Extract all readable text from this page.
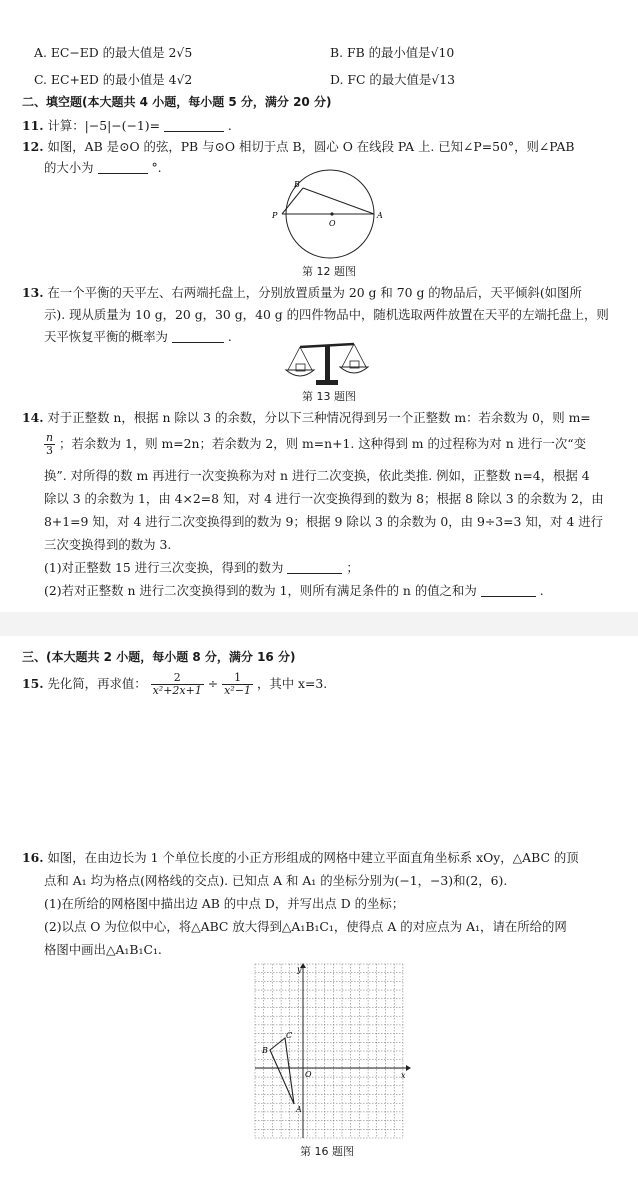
A. EC−ED 的最大值是 2√5	B. FB 的最小值是√10
C. EC+ED 的最小值是 4√2	D. FC 的最大值是√13
二、填空题(本大题共 4 小题，每小题 5 分，满分 20 分)
11. 计算：|−5|−(−1)=	.
12. 如图，AB 是⊙O 的弦，PB 与⊙O 相切于点 B，圆心 O 在线段 PA 上. 已知∠P=50°，则∠PAB
的大小为	°.
B
P
O
A
第 12 题图
13. 在一个平衡的天平左、右两端托盘上，分别放置质量为 20 g 和 70 g 的物品后，天平倾斜(如图所
示). 现从质量为 10 g，20 g，30 g，40 g 的四件物品中，随机选取两件放置在天平的左端托盘上，则
天平恢复平衡的概率为	.
第 13 题图
14. 对于正整数 n，根据 n 除以 3 的余数，分以下三种情况得到另一个正整数 m：若余数为 0，则 m=
$\frac{n}{3}$ ；若余数为 1，则 m=2n；若余数为 2，则 m=n+1. 这种得到 m 的过程称为对 n 进行一次“变
换”. 对所得的数 m 再进行一次变换称为对 n 进行二次变换，依此类推. 例如，正整数 n=4，根据 4
除以 3 的余数为 1，由 4×2=8 知，对 4 进行一次变换得到的数为 8；根据 8 除以 3 的余数为 2，由
8+1=9 知，对 4 进行二次变换得到的数为 9；根据 9 除以 3 的余数为 0，由 9÷3=3 知，对 4 进行
三次变换得到的数为 3.
(1)对正整数 15 进行三次变换，得到的数为	；
(2)若对正整数 n 进行二次变换得到的数为 1，则所有满足条件的 n 的值之和为	.
三、(本大题共 2 小题，每小题 8 分，满分 16 分)
15. 先化简，再求值： $\frac{2}{\text{x²+2x+1}} \div \frac{1}{\text{x²−1}}$ ，其中 x=3.
16. 如图，在由边长为 1 个单位长度的小正方形组成的网格中建立平面直角坐标系 xOy，△ABC 的顶
点和 A₁ 均为格点(网格线的交点). 已知点 A 和 A₁ 的坐标分别为(−1，−3)和(2，6).
(1)在所给的网格图中描出边 AB 的中点 D，并写出点 D 的坐标；
(2)以点 O 为位似中心，将△ABC 放大得到△A₁B₁C₁，使得点 A 的对应点为 A₁，请在所给的网
格图中画出△A₁B₁C₁.
y
x
O
A
B
C
第 16 题图
